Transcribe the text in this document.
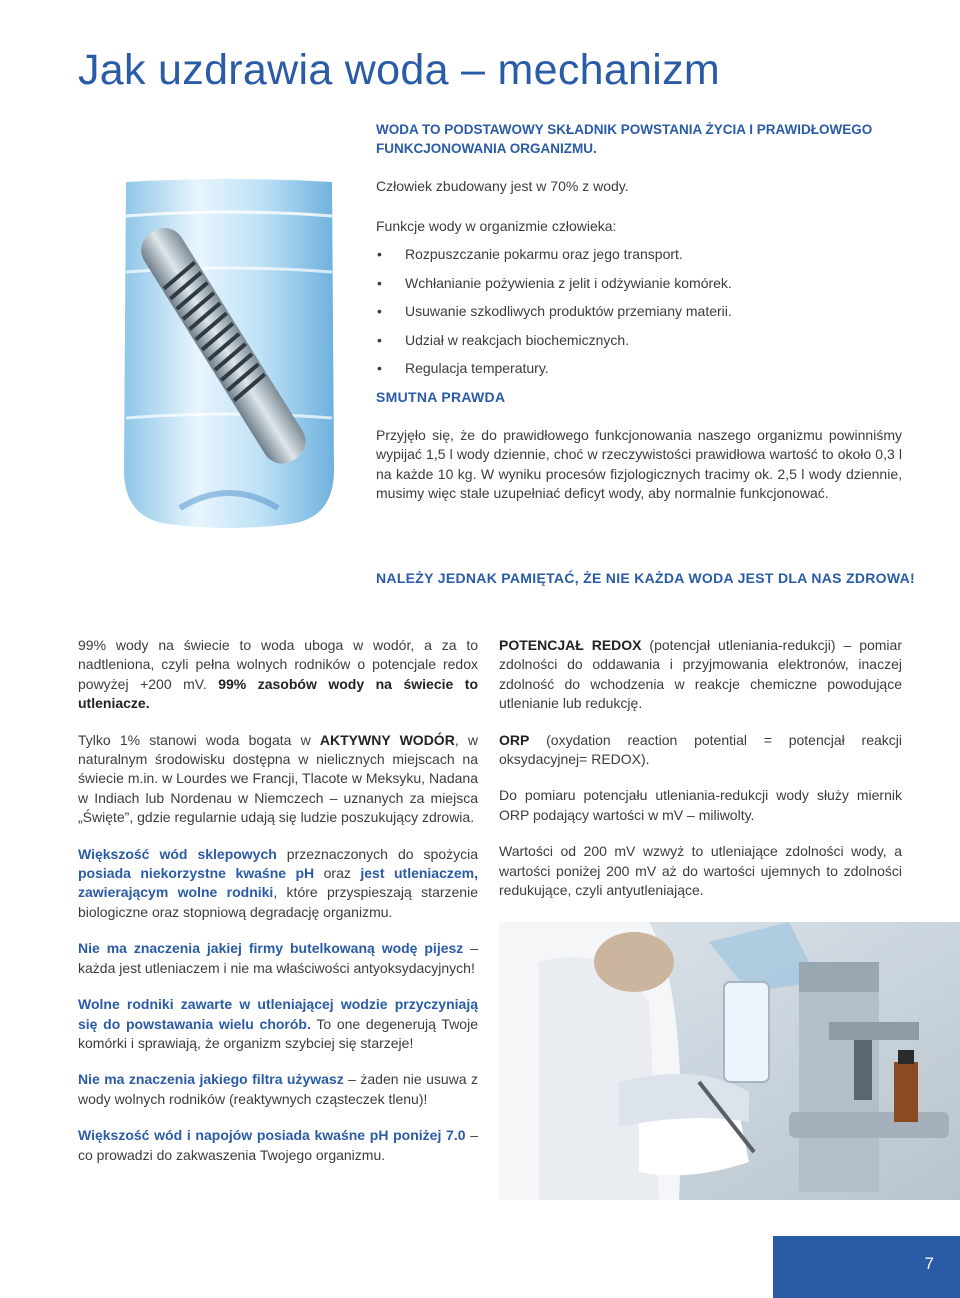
Jak uzdrawia woda – mechanizm

WODA TO PODSTAWOWY SKŁADNIK POWSTANIA ŻYCIA I PRAWIDŁOWEGO FUNKCJONOWANIA ORGANIZMU.

Człowiek zbudowany jest w 70% z wody.

Funkcje wody w organizmie człowieka:

• Rozpuszczanie pokarmu oraz jego transport.
• Wchłanianie pożywienia z jelit i odżywianie komórek.
• Usuwanie szkodliwych produktów przemiany materii.
• Udział w reakcjach biochemicznych.
• Regulacja temperatury.

SMUTNA PRAWDA

Przyjęło się, że do prawidłowego funkcjonowania naszego organizmu powinniśmy wypijać 1,5 l wody dziennie, choć w rzeczywistości prawidłowa wartość to około 0,3 l na każde 10 kg. W wyniku procesów fizjologicznych tracimy ok. 2,5 l wody dziennie, musimy więc stale uzupełniać deficyt wody, aby normalnie funkcjonować.

NALEŻY JEDNAK PAMIĘTAĆ, ŻE NIE KAŻDA WODA JEST DLA NAS ZDROWA!

99% wody na świecie to woda uboga w wodór, a za to nadtleniona, czyli pełna wolnych rodników o potencjale redox powyżej +200 mV. 99% zasobów wody na świecie to utleniacze.

Tylko 1% stanowi woda bogata w AKTYWNY WODÓR, w naturalnym środowisku dostępna w nielicznych miejscach na świecie m.in. w Lourdes we Francji, Tlacote w Meksyku, Nadana w Indiach lub Nordenau w Niemczech – uznanych za miejsca „Święte”, gdzie regularnie udają się ludzie poszukujący zdrowia.

Większość wód sklepowych przeznaczonych do spożycia posiada niekorzystne kwaśne pH oraz jest utleniaczem, zawierającym wolne rodniki, które przyspieszają starzenie biologiczne oraz stopniową degradację organizmu.

Nie ma znaczenia jakiej firmy butelkowaną wodę pijesz – każda jest utleniaczem i nie ma właściwości antyoksydacyjnych!

Wolne rodniki zawarte w utleniającej wodzie przyczyniają się do powstawania wielu chorób. To one degenerują Twoje komórki i sprawiają, że organizm szybciej się starzeje!

Nie ma znaczenia jakiego filtra używasz – żaden nie usuwa z wody wolnych rodników (reaktywnych cząsteczek tlenu)!

Większość wód i napojów posiada kwaśne pH poniżej 7.0 – co prowadzi do zakwaszenia Twojego organizmu.

POTENCJAŁ REDOX (potencjał utleniania-redukcji) – pomiar zdolności do oddawania i przyjmowania elektronów, inaczej zdolność do wchodzenia w reakcje chemiczne powodujące utlenianie lub redukcję.

ORP (oxydation reaction potential = potencjał reakcji oksydacyjnej= REDOX).

Do pomiaru potencjału utleniania-redukcji wody służy miernik ORP podający wartości w mV – miliwolty.

Wartości od 200 mV wzwyż to utleniające zdolności wody, a wartości poniżej 200 mV aż do wartości ujemnych to zdolności redukujące, czyli antyutleniające.

7
